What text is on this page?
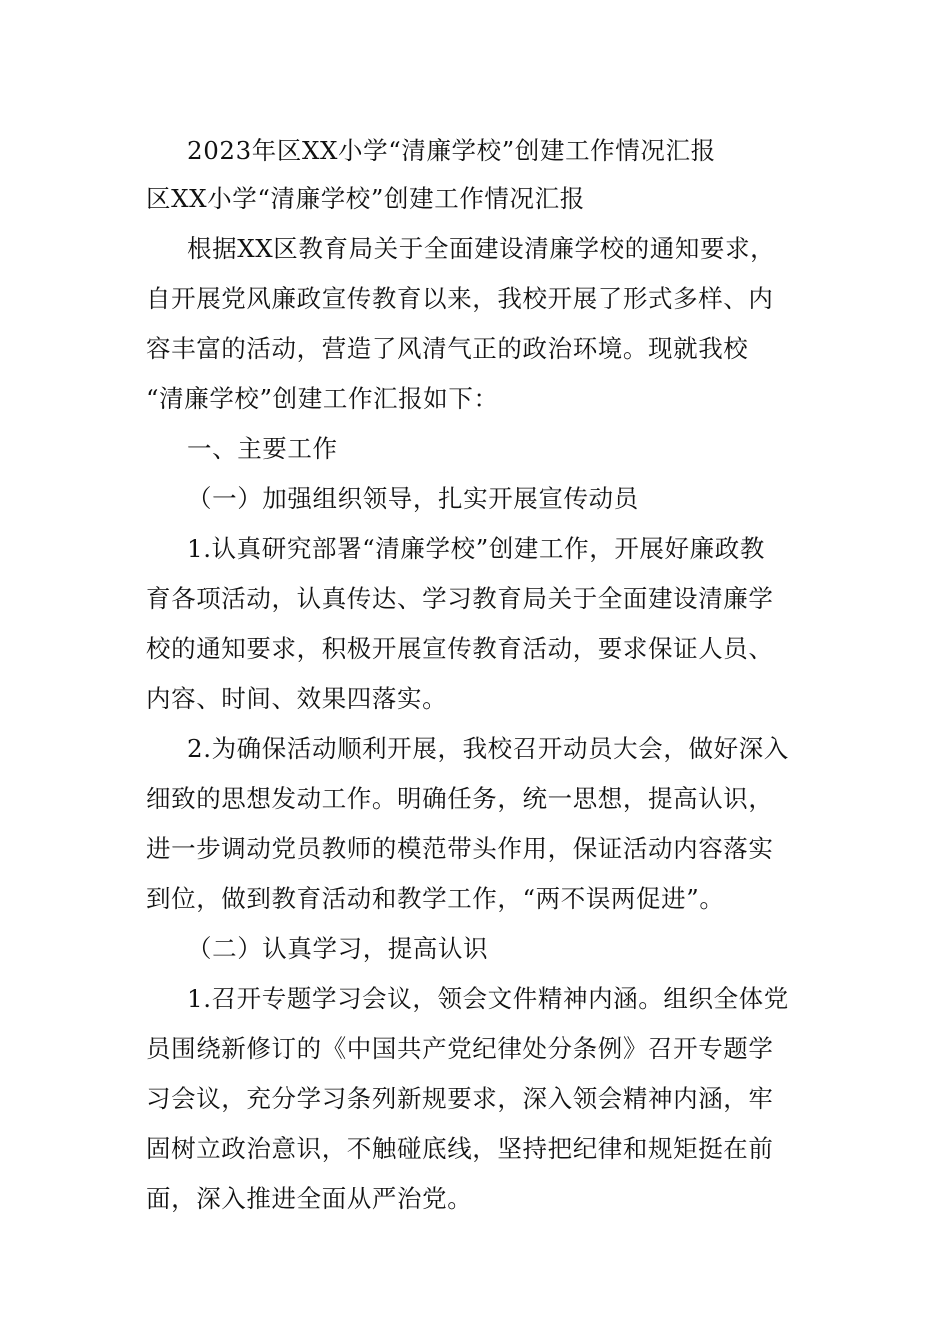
2023年区XX小学“清廉学校”创建工作情况汇报
区XX小学“清廉学校”创建工作情况汇报
根据XX区教育局关于全面建设清廉学校的通知要求，
自开展党风廉政宣传教育以来，我校开展了形式多样、内
容丰富的活动，营造了风清气正的政治环境。现就我校
“清廉学校”创建工作汇报如下：
一、主要工作
（一）加强组织领导，扎实开展宣传动员
1.认真研究部署“清廉学校”创建工作，开展好廉政教
育各项活动，认真传达、学习教育局关于全面建设清廉学
校的通知要求，积极开展宣传教育活动，要求保证人员、
内容、时间、效果四落实。
2.为确保活动顺利开展，我校召开动员大会，做好深入
细致的思想发动工作。明确任务，统一思想，提高认识，
进一步调动党员教师的模范带头作用，保证活动内容落实
到位，做到教育活动和教学工作，“两不误两促进”。
（二）认真学习，提高认识
1.召开专题学习会议，领会文件精神内涵。组织全体党
员围绕新修订的《中国共产党纪律处分条例》召开专题学
习会议，充分学习条列新规要求，深入领会精神内涵，牢
固树立政治意识，不触碰底线，坚持把纪律和规矩挺在前
面，深入推进全面从严治党。
